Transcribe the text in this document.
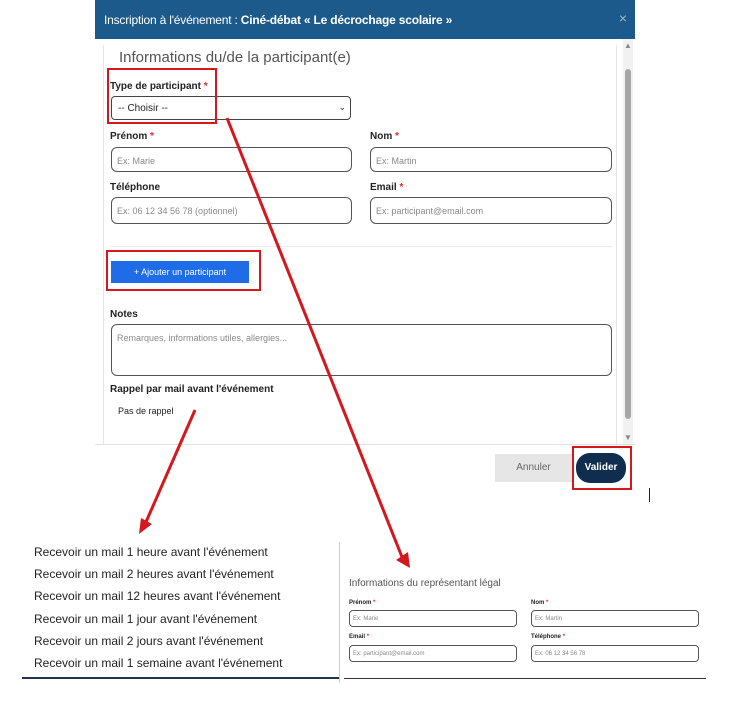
Inscription à l'événement : Ciné-débat « Le décrochage scolaire »	×
Informations du/de la participant(e)
Type de participant *
-- Choisir --	⌄
Prénom *
Ex: Marie
Nom *
Ex: Martin
Téléphone
Ex: 06 12 34 56 78 (optionnel)
Email *
Ex: participant@email.com
+ Ajouter un participant
Notes
Remarques, informations utiles, allergies...
Rappel par mail avant l'événement
Pas de rappel
▲
▼
Annuler	Valider
Recevoir un mail 1 heure avant l'événement
Recevoir un mail 2 heures avant l'événement
Recevoir un mail 12 heures avant l'événement
Recevoir un mail 1 jour avant l'événement
Recevoir un mail 2 jours avant l'événement
Recevoir un mail 1 semaine avant l'événement
Informations du représentant légal
Prénom *
Ex: Marie
Nom *
Ex: Martin
Email *
Ex: participant@email.com
Téléphone *
Ex: 06 12 34 56 78
